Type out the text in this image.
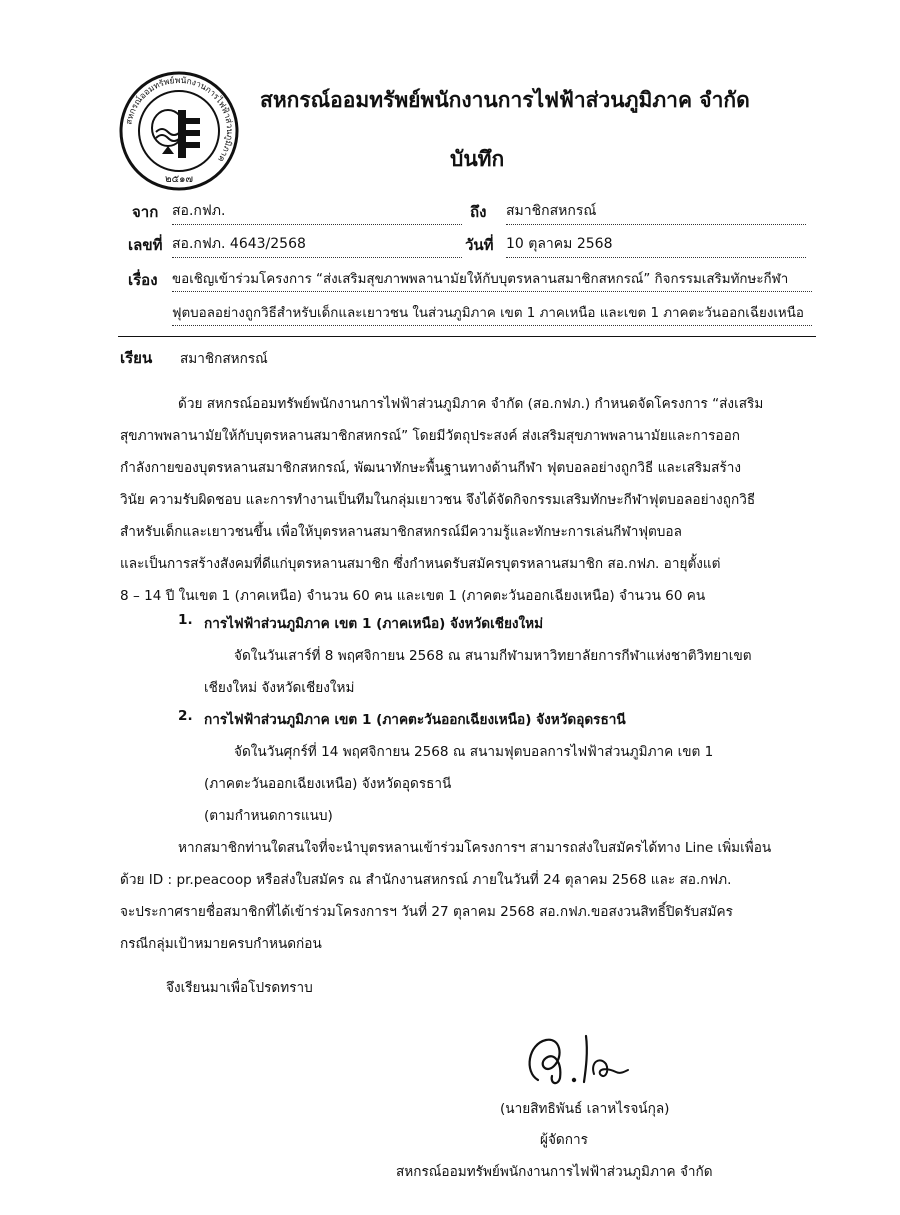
สหกรณ์ออมทรัพย์พนักงานการไฟฟ้าส่วนภูมิภาค
๒๕๑๗
สหกรณ์ออมทรัพย์พนักงานการไฟฟ้าส่วนภูมิภาค จำกัด
บันทึก
จาก สอ.กฟภ.	ถึง สมาชิกสหกรณ์
เลขที่ สอ.กฟภ. 4643/2568	วันที่ 10 ตุลาคม 2568
เรื่อง ขอเชิญเข้าร่วมโครงการ “ส่งเสริมสุขภาพพลานามัยให้กับบุตรหลานสมาชิกสหกรณ์” กิจกรรมเสริมทักษะกีฬา
ฟุตบอลอย่างถูกวิธีสำหรับเด็กและเยาวชน ในส่วนภูมิภาค เขต 1 ภาคเหนือ และเขต 1 ภาคตะวันออกเฉียงเหนือ
เรียน สมาชิกสหกรณ์
ด้วย สหกรณ์ออมทรัพย์พนักงานการไฟฟ้าส่วนภูมิภาค จำกัด (สอ.กฟภ.) กำหนดจัดโครงการ “ส่งเสริม
สุขภาพพลานามัยให้กับบุตรหลานสมาชิกสหกรณ์” โดยมีวัตถุประสงค์ ส่งเสริมสุขภาพพลานามัยและการออก
กำลังกายของบุตรหลานสมาชิกสหกรณ์, พัฒนาทักษะพื้นฐานทางด้านกีฬา ฟุตบอลอย่างถูกวิธี และเสริมสร้าง
วินัย ความรับผิดชอบ และการทำงานเป็นทีมในกลุ่มเยาวชน จึงได้จัดกิจกรรมเสริมทักษะกีฬาฟุตบอลอย่างถูกวิธี
สำหรับเด็กและเยาวชนขึ้น เพื่อให้บุตรหลานสมาชิกสหกรณ์มีความรู้และทักษะการเล่นกีฬาฟุตบอล
และเป็นการสร้างสังคมที่ดีแก่บุตรหลานสมาชิก ซึ่งกำหนดรับสมัครบุตรหลานสมาชิก สอ.กฟภ. อายุตั้งแต่
8 – 14 ปี ในเขต 1 (ภาคเหนือ) จำนวน 60 คน และเขต 1 (ภาคตะวันออกเฉียงเหนือ) จำนวน 60 คน
1. การไฟฟ้าส่วนภูมิภาค เขต 1 (ภาคเหนือ) จังหวัดเชียงใหม่
จัดในวันเสาร์ที่ 8 พฤศจิกายน 2568 ณ สนามกีฬามหาวิทยาลัยการกีฬาแห่งชาติวิทยาเขต
เชียงใหม่ จังหวัดเชียงใหม่
2. การไฟฟ้าส่วนภูมิภาค เขต 1 (ภาคตะวันออกเฉียงเหนือ) จังหวัดอุดรธานี
จัดในวันศุกร์ที่ 14 พฤศจิกายน 2568 ณ สนามฟุตบอลการไฟฟ้าส่วนภูมิภาค เขต 1
(ภาคตะวันออกเฉียงเหนือ) จังหวัดอุดรธานี
(ตามกำหนดการแนบ)
หากสมาชิกท่านใดสนใจที่จะนำบุตรหลานเข้าร่วมโครงการฯ สามารถส่งใบสมัครได้ทาง Line เพิ่มเพื่อน
ด้วย ID : pr.peacoop หรือส่งใบสมัคร ณ สำนักงานสหกรณ์ ภายในวันที่ 24 ตุลาคม 2568 และ สอ.กฟภ.
จะประกาศรายชื่อสมาชิกที่ได้เข้าร่วมโครงการฯ วันที่ 27 ตุลาคม 2568 สอ.กฟภ.ขอสงวนสิทธิ์ปิดรับสมัคร
กรณีกลุ่มเป้าหมายครบกำหนดก่อน
จึงเรียนมาเพื่อโปรดทราบ
(นายสิทธิพันธ์ เลาหไรจน์กุล)
ผู้จัดการ
สหกรณ์ออมทรัพย์พนักงานการไฟฟ้าส่วนภูมิภาค จำกัด
